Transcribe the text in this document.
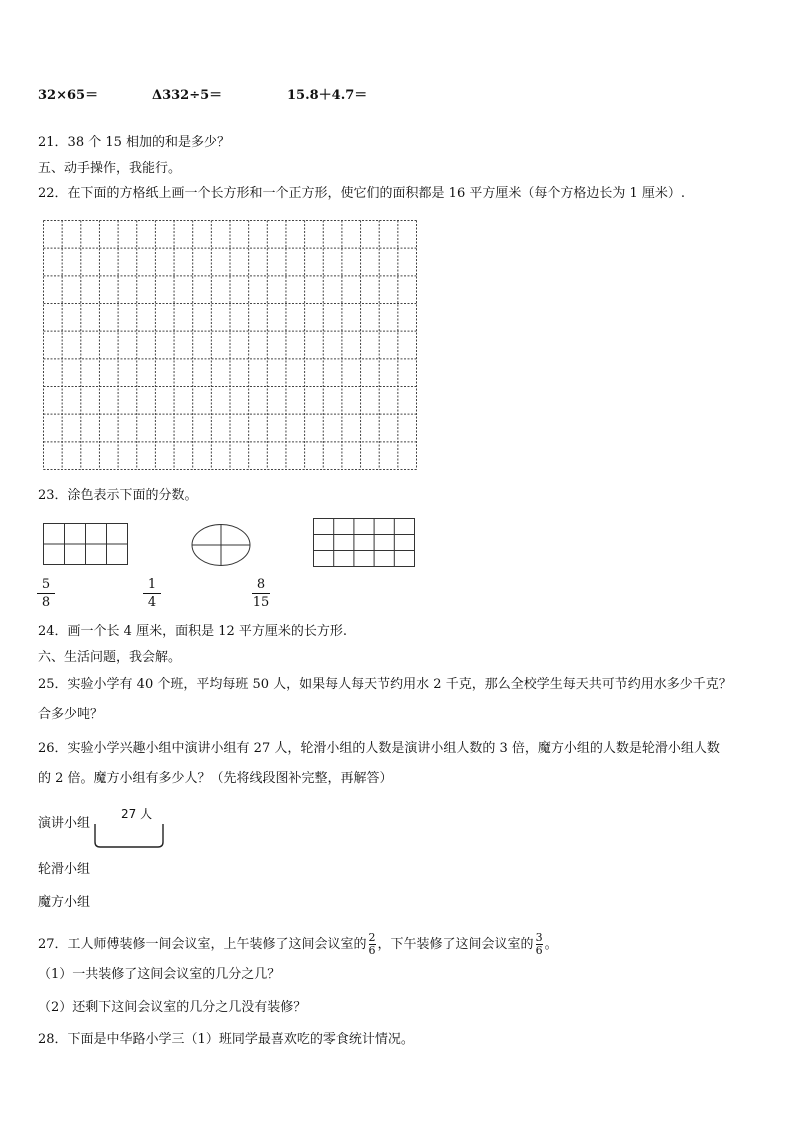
32×65＝	Δ332÷5＝	15.8＋4.7＝
21．38 个 15 相加的和是多少？
五、动手操作，我能行。
22．在下面的方格纸上画一个长方形和一个正方形，使它们的面积都是 16 平方厘米（每个方格边长为 1 厘米）.
23．涂色表示下面的分数。
5
8
1
4
8
15
24．画一个长 4 厘米，面积是 12 平方厘米的长方形.
六、生活问题，我会解。
25．实验小学有 40 个班，平均每班 50 人，如果每人每天节约用水 2 千克，那么全校学生每天共可节约用水多少千克？
合多少吨？
26．实验小学兴趣小组中演讲小组有 27 人，轮滑小组的人数是演讲小组人数的 3 倍，魔方小组的人数是轮滑小组人数
的 2 倍。魔方小组有多少人？（先将线段图补完整，再解答）
演讲小组
27 人
轮滑小组
魔方小组
27．工人师傅装修一间会议室，上午装修了这间会议室的 $\frac{2}{6}$ ，下午装修了这间会议室的 $\frac{3}{6}$ 。
（1）一共装修了这间会议室的几分之几？
（2）还剩下这间会议室的几分之几没有装修？
28．下面是中华路小学三（1）班同学最喜欢吃的零食统计情况。
